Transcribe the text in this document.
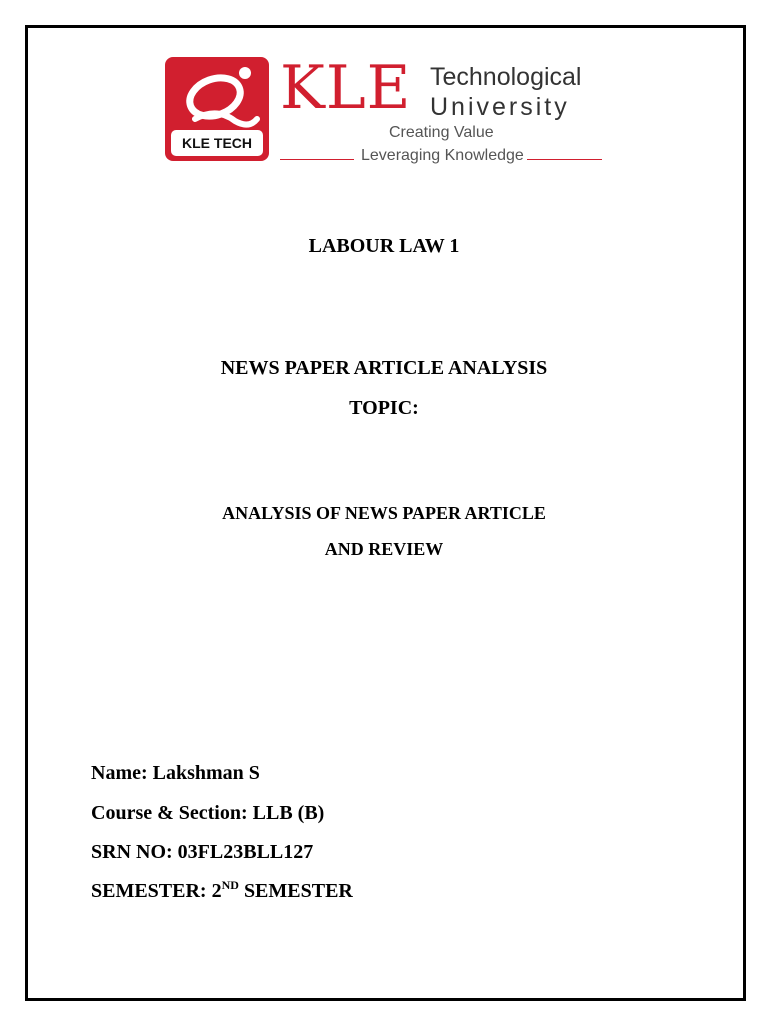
KLE TECH
KLE Technological
University
Creating Value
Leveraging Knowledge
LABOUR LAW 1
NEWS PAPER ARTICLE ANALYSIS
TOPIC:
ANALYSIS OF NEWS PAPER ARTICLE
AND REVIEW
Name: Lakshman S
Course & Section: LLB (B)
SRN NO: 03FL23BLL127
SEMESTER: 2ND SEMESTER
